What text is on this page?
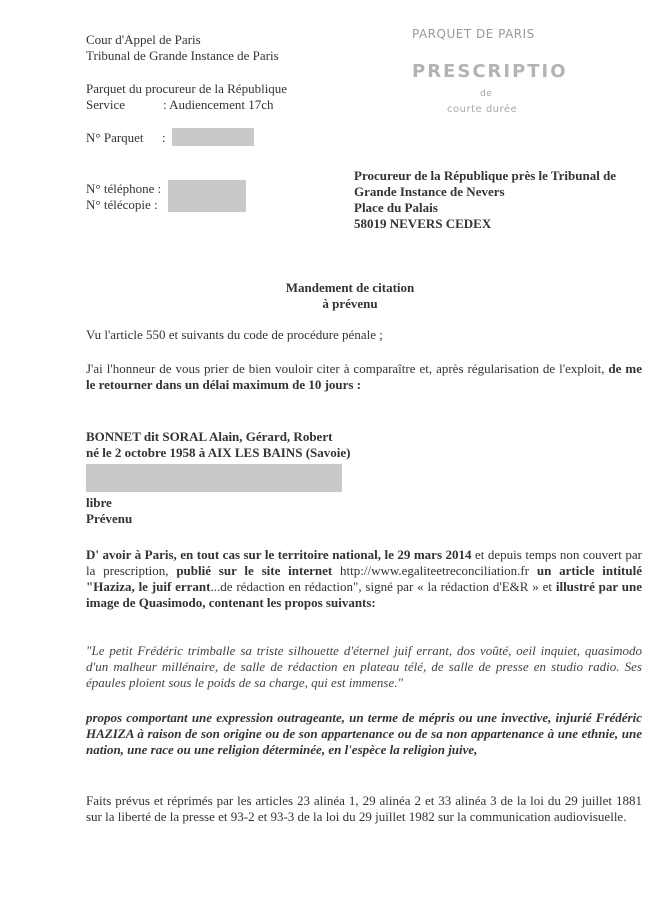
Cour d'Appel de Paris

Tribunal de Grande Instance de Paris

Parquet du procureur de la République

Service	: Audiencement 17ch

N° Parquet :

N° téléphone :

N° télécopie :

PARQUET DE PARIS

PRESCRIPTIO

de

courte durée

Procureur de la République près le Tribunal de

Grande Instance de Nevers

Place du Palais

58019 NEVERS CEDEX

Mandement de citation

à prévenu

Vu l'article 550 et suivants du code de procédure pénale ;

J'ai l'honneur de vous prier de bien vouloir citer à comparaître et, après régularisation de l'exploit, de me le retourner dans un délai maximum de 10 jours :

BONNET dit SORAL Alain, Gérard, Robert

né le 2 octobre 1958 à AIX LES BAINS (Savoie)

libre

Prévenu

D' avoir à Paris, en tout cas sur le territoire national, le 29 mars 2014 et depuis temps non couvert par la prescription, publié sur le site internet http://www.egaliteetreconciliation.fr un article intitulé "Haziza, le juif errant...de rédaction en rédaction", signé par « la rédaction d'E&R » et illustré par une image de Quasimodo, contenant les propos suivants:

"Le petit Frédéric trimballe sa triste silhouette d'éternel juif errant, dos voûté, oeil inquiet, quasimodo d'un malheur millénaire, de salle de rédaction en plateau télé, de salle de presse en studio radio. Ses épaules ploient sous le poids de sa charge, qui est immense."

propos comportant une expression outrageante, un terme de mépris ou une invective, injurié Frédéric HAZIZA à raison de son origine ou de son appartenance ou de sa non appartenance à une ethnie, une nation, une race ou une religion déterminée, en l'espèce la religion juive,

Faits prévus et réprimés par les articles 23 alinéa 1, 29 alinéa 2 et 33 alinéa 3 de la loi du 29 juillet 1881 sur la liberté de la presse et 93-2 et 93-3 de la loi du 29 juillet 1982 sur la communication audiovisuelle.
